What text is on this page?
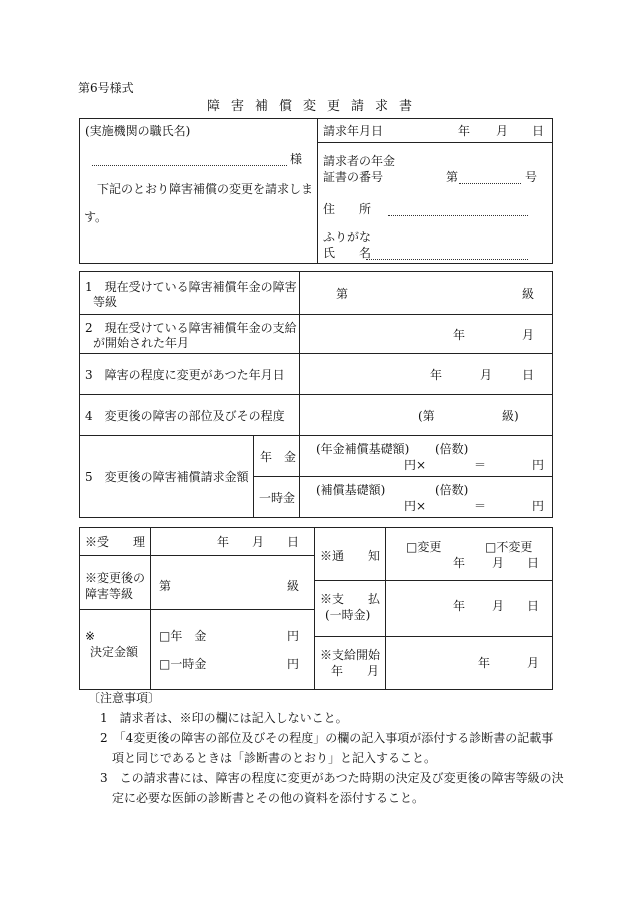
第6号様式
障害補償変更請求書
(実施機関の職氏名)
様
下記のとおり障害補償の変更を請求しま
す。

請求年月日	年 月 日

請求者の年金
証書の番号	第	号
住　　所
ふりがな
氏　　名
1　現在受けている障害補償年金の障害
等級		第 級

2　現在受けている障害補償年金の支給
が開始された年月		年 月

3　障害の程度に変更があつた年月日		年 月 日

4　変更後の障害の部位及びその程度		(第 級)

5　変更後の障害補償請求金額	年　金	(年金補償基礎額) (倍数)
円× ＝ 円

	一時金	(補償基礎額) (倍数)
円× ＝ 円
※受　　理	年 月 日	※通　　知	□変更 □不変更
年 月 日

※変更後の
障害等級	第 級		

		※支　　払
(一時金)	年 月 日

※
決定金額	□年　金 円
□一時金 円		

		※支給開始
年　　月	年 月

〔注意事項〕
1　請求者は、※印の欄には記入しないこと。
2　「4変更後の障害の部位及びその程度」の欄の記入事項が添付する診断書の記載事
項と同じであるときは「診断書のとおり」と記入すること。
3　この請求書には、障害の程度に変更があつた時期の決定及び変更後の障害等級の決
定に必要な医師の診断書とその他の資料を添付すること。
